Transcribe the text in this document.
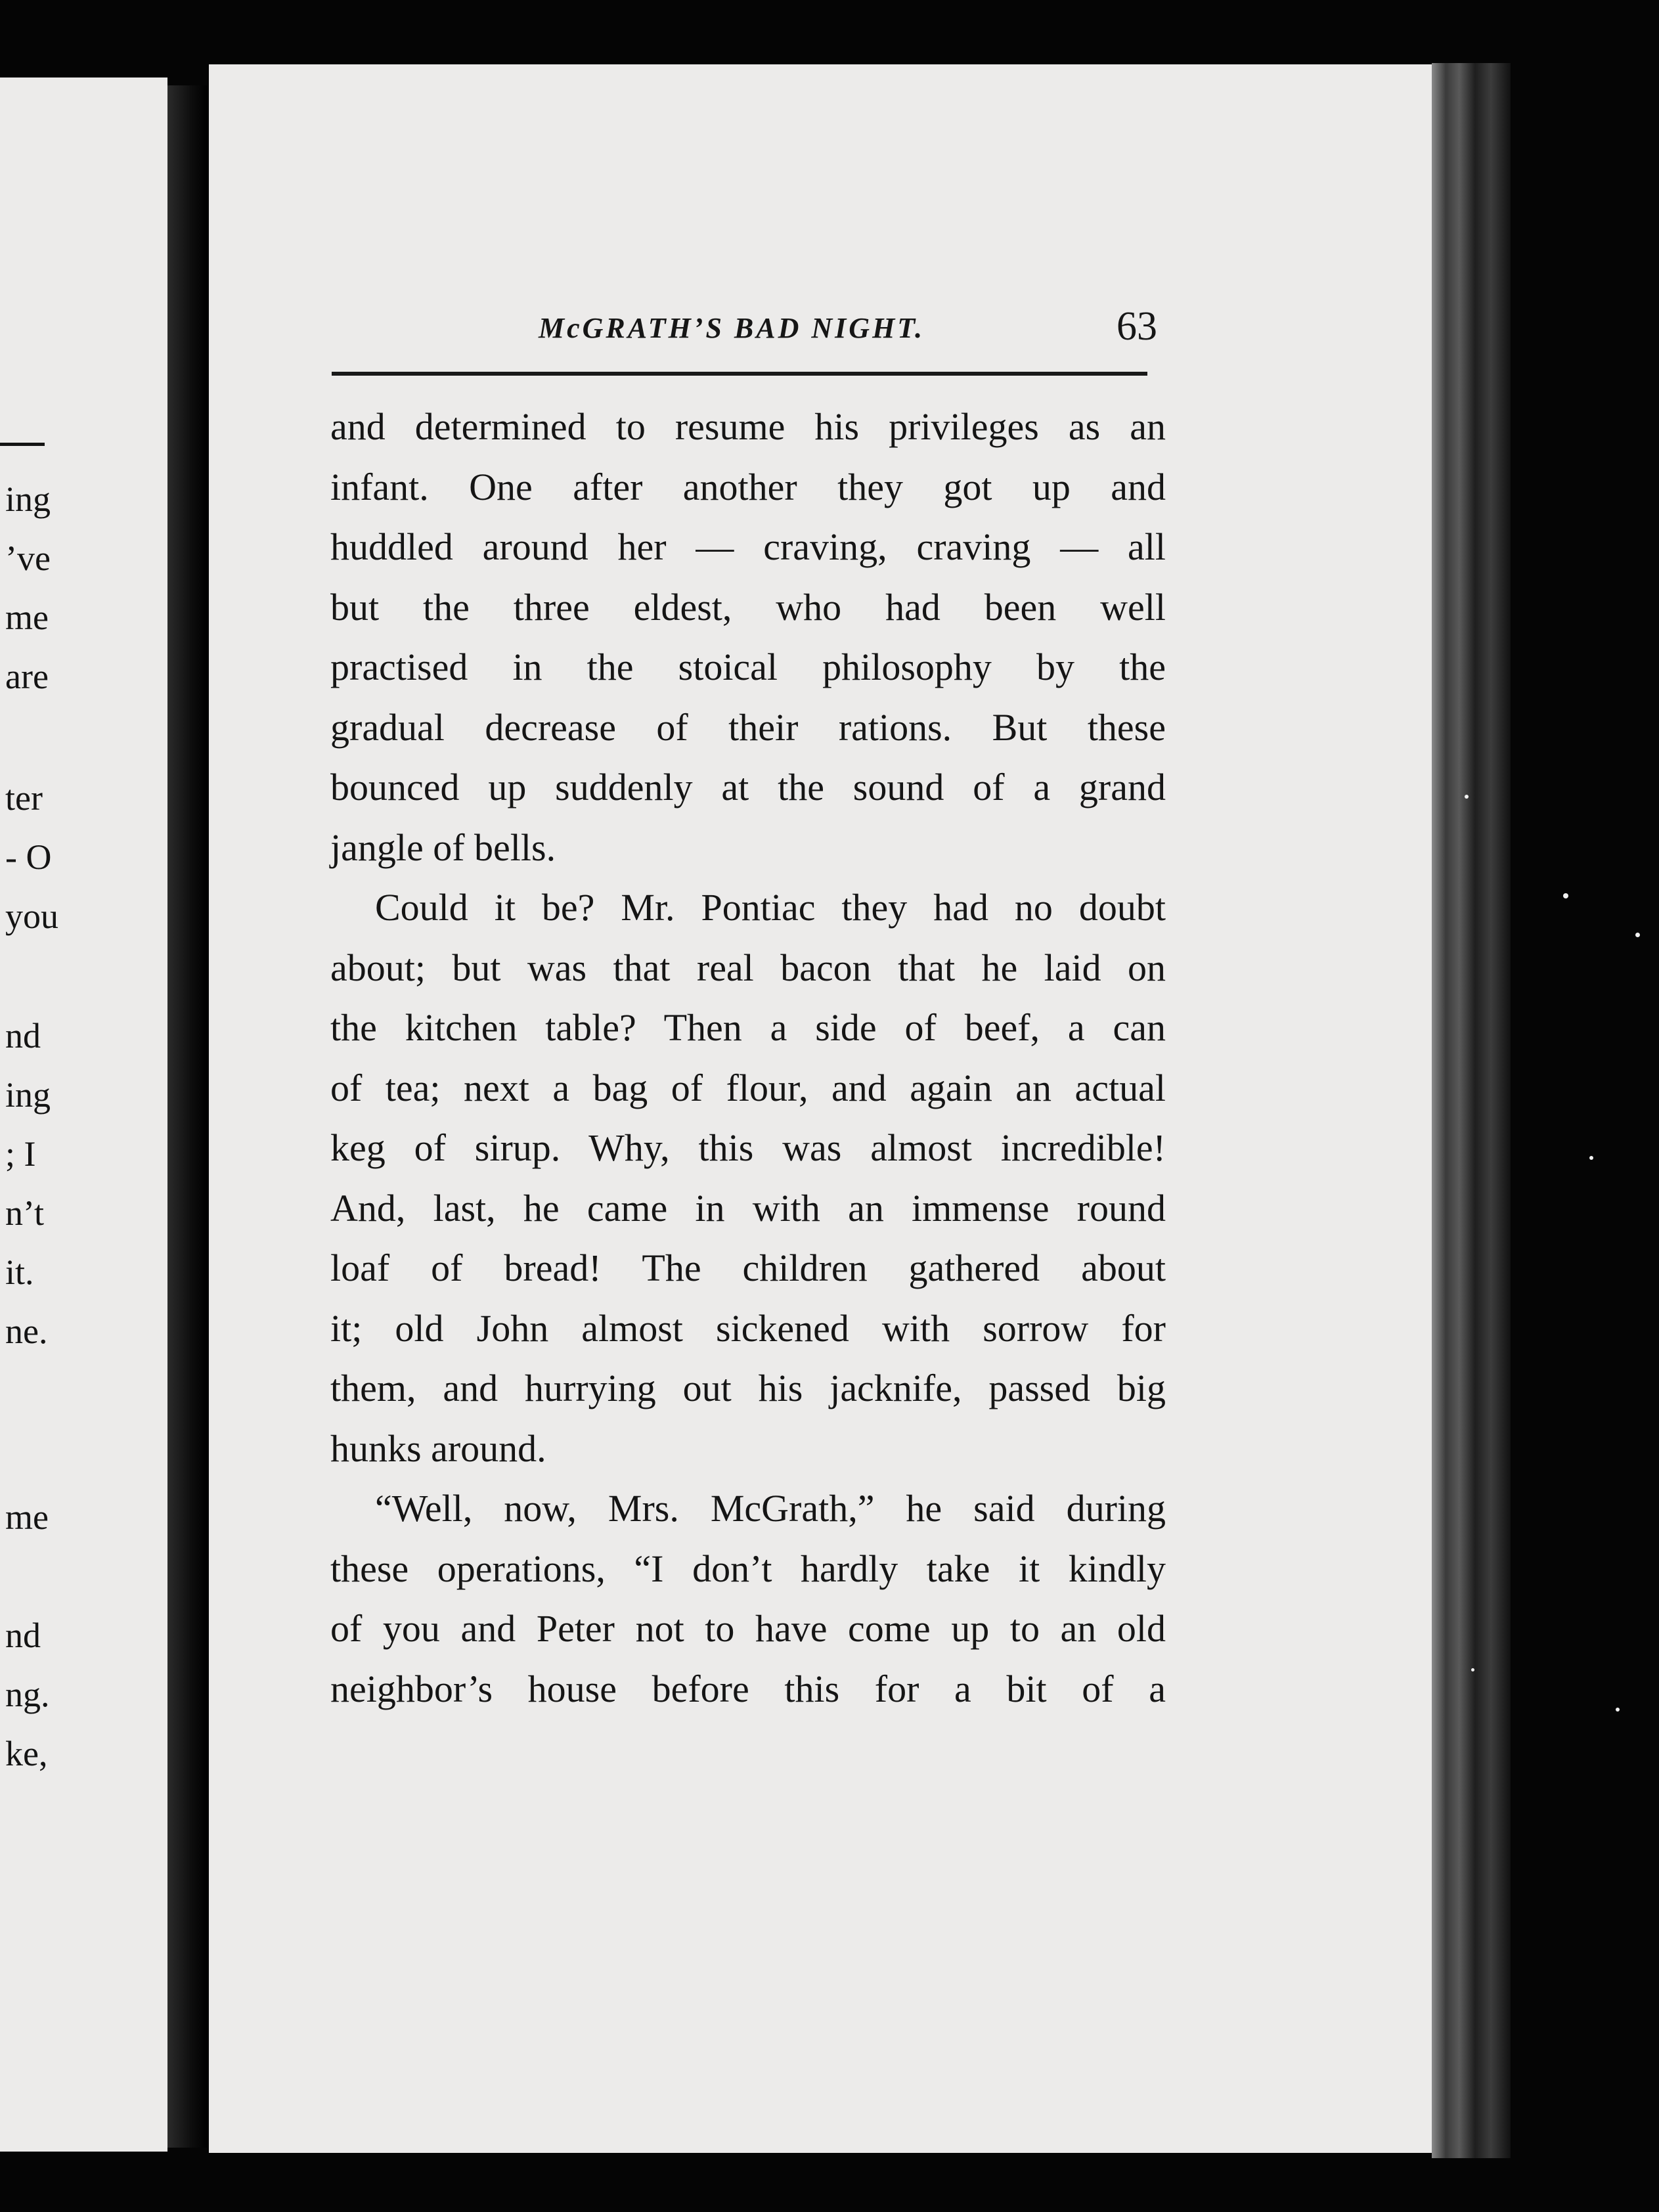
ing
’ve
me
are
ter
- O
you
nd
ing
; I
n’t
it.
ne.
me
nd
ng.
ke,
McGRATH’S BAD NIGHT.	63
and determined to resume his privileges as an
infant. One after another they got up and
huddled around her — craving, craving — all
but the three eldest, who had been well
practised in the stoical philosophy by the
gradual decrease of their rations. But these
bounced up suddenly at the sound of a grand
jangle of bells.
Could it be? Mr. Pontiac they had no doubt
about; but was that real bacon that he laid on
the kitchen table? Then a side of beef, a can
of tea; next a bag of flour, and again an actual
keg of sirup. Why, this was almost incredible!
And, last, he came in with an immense round
loaf of bread! The children gathered about
it; old John almost sickened with sorrow for
them, and hurrying out his jacknife, passed big
hunks around.
“Well, now, Mrs. McGrath,” he said during
these operations, “I don’t hardly take it kindly
of you and Peter not to have come up to an old
neighbor’s house before this for a bit of a
